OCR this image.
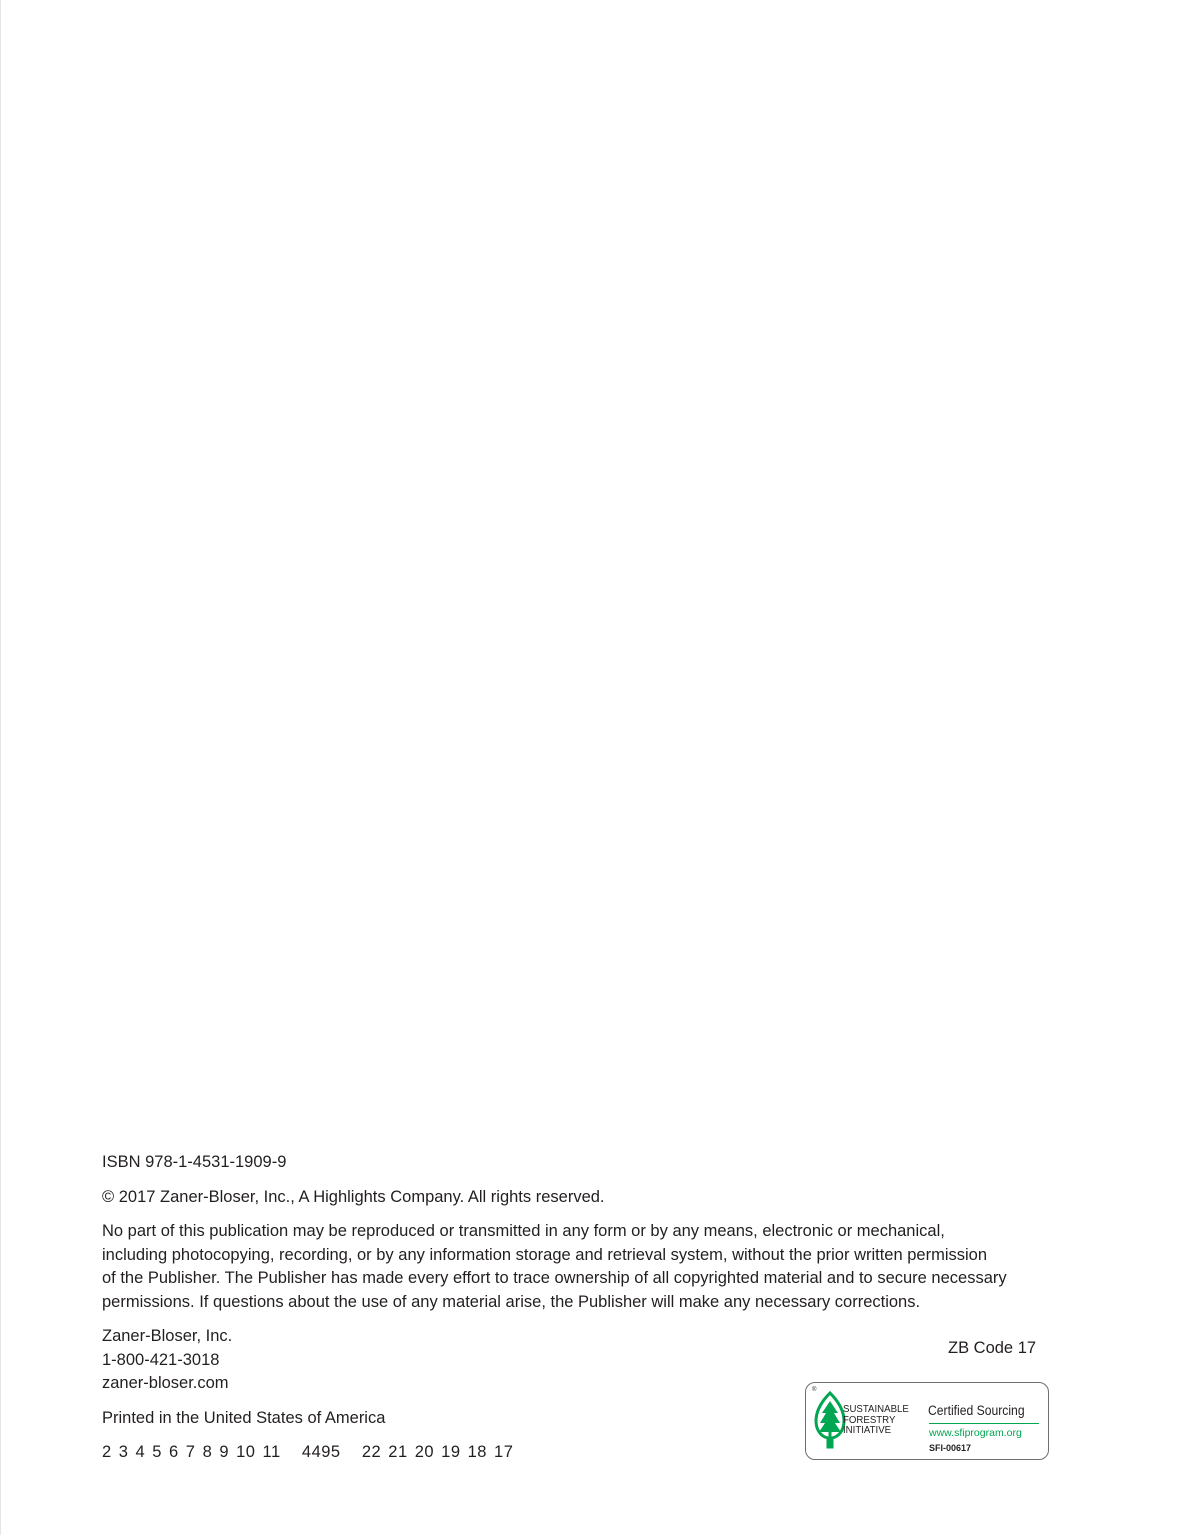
ISBN 978-1-4531-1909-9

© 2017 Zaner-Bloser, Inc., A Highlights Company. All rights reserved.

No part of this publication may be reproduced or transmitted in any form or by any means, electronic or mechanical,
including photocopying, recording, or by any information storage and retrieval system, without the prior written permission
of the Publisher. The Publisher has made every effort to trace ownership of all copyrighted material and to secure necessary
permissions. If questions about the use of any material arise, the Publisher will make any necessary corrections.

Zaner-Bloser, Inc.
1-800-421-3018
zaner-bloser.com

Printed in the United States of America

2 3 4 5 6 7 8 9 10 11   4495   22 21 20 19 18 17

ZB Code 17
®
SUSTAINABLE
FORESTRY
INITIATIVE
Certified Sourcing
www.sfiprogram.org
SFI-00617
